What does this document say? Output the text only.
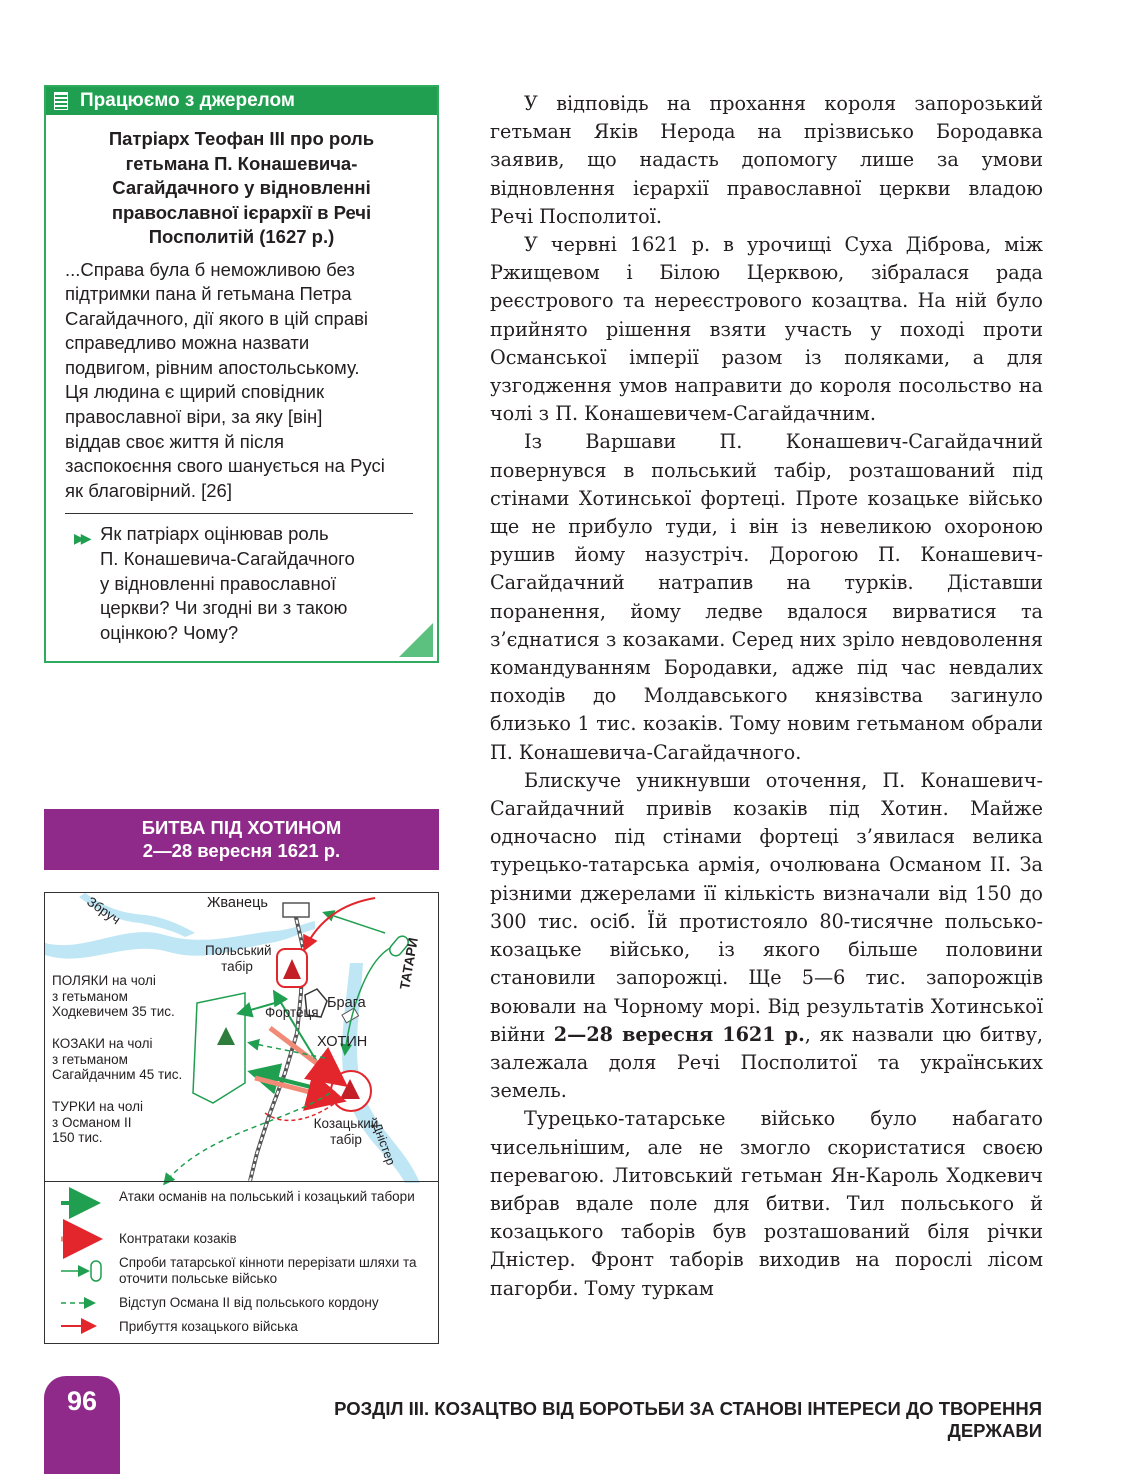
Працюємо з джерелом
Патріарх Теофан ІІІ про роль
гетьмана П. Конашевича-
Сагайдачного у відновленні
православної ієрархії в Речі
Посполитій (1627 р.)
...Справа була б неможливою без
підтримки пана й гетьмана Петра
Сагайдачного, дії якого в цій справі
справедливо можна назвати
подвигом, рівним апостольському.
Ця людина є щирий сповідник
православної віри, за яку [він]
віддав своє життя й після
заспокоєння свого шанується на Русі
як благовірний. [26]
▶▶ Як патріарх оцінював роль
П. Конашевича-Сагайдачного
у відновленні православної
церкви? Чи згодні ви з такою
оцінкою? Чому?
БИТВА ПІД ХОТИНОМ
2—28 вересня 1621 р.
Збруч	Жванець
Польський
табір
Фортеця
Брага
ТАТАРИ
ХОТИН
Козацький
табір Дністер
ПОЛЯКИ на чолі
з гетьманом
Ходкевичем 35 тис.
КОЗАКИ на чолі
з гетьманом
Сагайдачним 45 тис.
ТУРКИ на чолі
з Османом ІІ
150 тис.
Атаки османів на польський і козацький табори
Контратаки козаків
Спроби татарської кінноти перерізати шляхи та оточити польське військо
Відступ Османа ІІ від польського кордону
Прибуття козацького війська

У відповідь на прохання короля запорозький гетьман Яків Нерода на прізвисько Бородавка заявив, що надасть допомогу лише за умови відновлення ієрархії православної церкви владою Речі Посполитої.

У червні 1621 р. в урочищі Суха Діброва, між Ржищевом і Білою Церквою, зібралася рада реєстрового та нереєстрового козацтва. На ній було прийнято рішення взяти участь у поході проти Османської імперії разом із поляками, а для узгодження умов направити до короля посольство на чолі з П. Конашевичем-Сагайдачним.

Із Варшави П. Конашевич-Сагайдачний повернувся в польський табір, розташований під стінами Хотинської фортеці. Проте козацьке військо ще не прибуло туди, і він із невеликою охороною рушив йому назустріч. Дорогою П. Конашевич-Сагайдачний натрапив на турків. Діставши поранення, йому ледве вдалося вирватися та з’єднатися з козаками. Серед них зріло невдоволення командуванням Бородавки, адже під час невдалих походів до Молдавського князівства загинуло близько 1 тис. козаків. Тому новим гетьманом обрали П. Конашевича-Сагайдачного.

Блискуче уникнувши оточення, П. Конашевич-Сагайдачний привів козаків під Хотин. Майже одночасно під стінами фортеці з’явилася велика турецько-татарська армія, очолювана Османом ІІ. За різними джерелами її кількість визначали від 150 до 300 тис. осіб. Їй протистояло 80-тисячне польсько-козацьке військо, із якого більше половини становили запорожці. Ще 5—6 тис. запорожців воювали на Чорному морі. Від результатів Хотинської війни 2—28 вересня 1621 р., як назвали цю битву, залежала доля Речі Посполитої та українських земель.

Турецько-татарське військо було набагато чисельнішим, але не змогло скористатися своєю перевагою. Литовський гетьман Ян-Кароль Ходкевич вибрав вдале поле для битви. Тил польського й козацького таборів був розташований біля річки Дністер. Фронт таборів виходив на порослі лісом пагорби. Тому туркам

96	РОЗДІЛ ІІІ. КОЗАЦТВО ВІД БОРОТЬБИ ЗА СТАНОВІ ІНТЕРЕСИ ДО ТВОРЕННЯ ДЕРЖАВИ
